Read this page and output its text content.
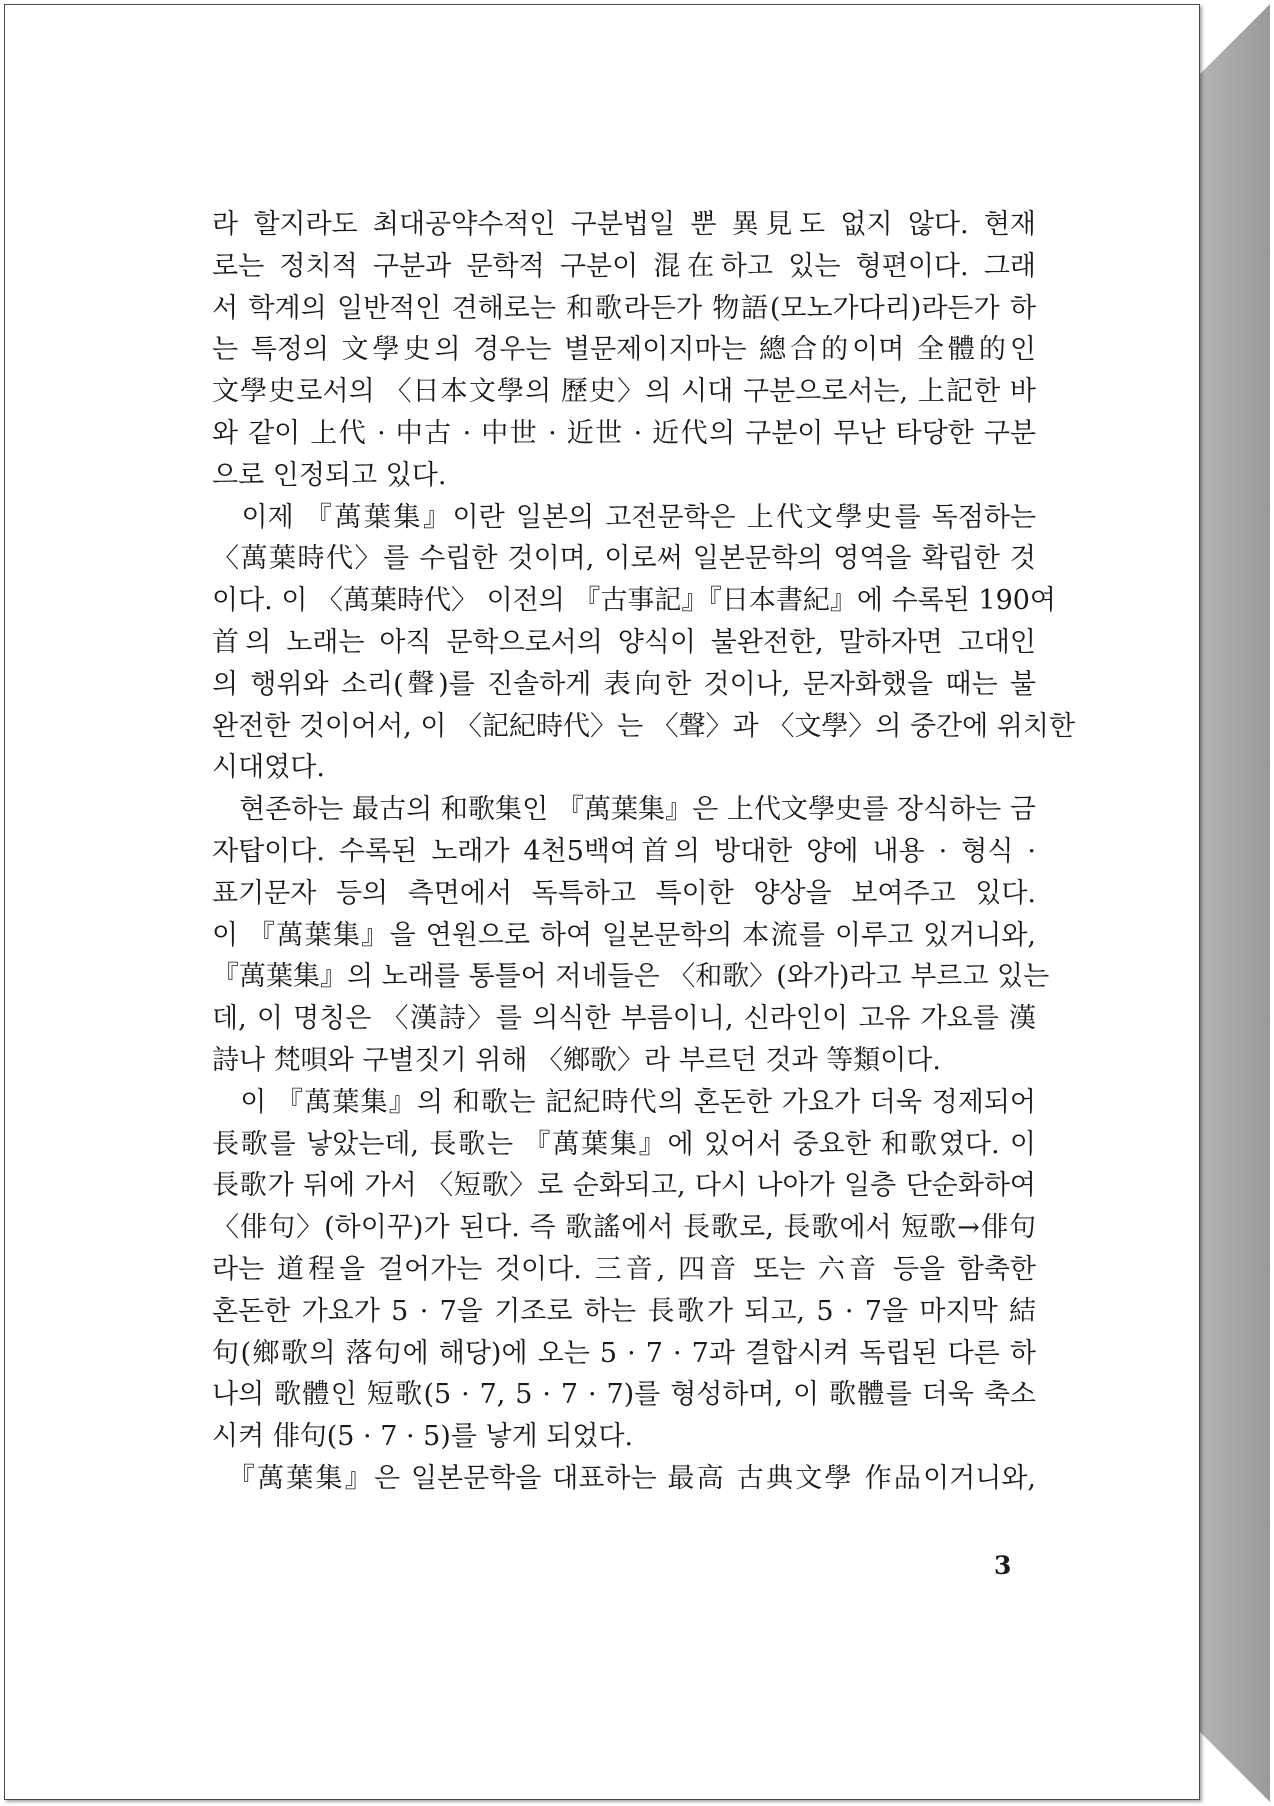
라 할지라도 최대공약수적인 구분법일 뿐 異見도 없지 않다. 현재
로는 정치적 구분과 문학적 구분이 混在하고 있는 형편이다. 그래
서 학계의 일반적인 견해로는 和歌라든가 物語(모노가다리)라든가 하
는 특정의 文學史의 경우는 별문제이지마는 總合的이며 全體的인
文學史로서의 〈日本文學의 歷史〉의 시대 구분으로서는, 上記한 바
와 같이 上代 · 中古 · 中世 · 近世 · 近代의 구분이 무난 타당한 구분
으로 인정되고 있다.
　이제 『萬葉集』이란 일본의 고전문학은 上代文學史를 독점하는
〈萬葉時代〉를 수립한 것이며, 이로써 일본문학의 영역을 확립한 것
이다. 이 〈萬葉時代〉 이전의 『古事記』『日本書紀』에 수록된 190여
首의 노래는 아직 문학으로서의 양식이 불완전한, 말하자면 고대인
의 행위와 소리(聲)를 진솔하게 表向한 것이나, 문자화했을 때는 불
완전한 것이어서, 이 〈記紀時代〉는 〈聲〉과 〈文學〉의 중간에 위치한
시대였다.
　현존하는 最古의 和歌集인 『萬葉集』은 上代文學史를 장식하는 금
자탑이다. 수록된 노래가 4천5백여首의 방대한 양에 내용 · 형식 ·
표기문자 등의 측면에서 독특하고 특이한 양상을 보여주고 있다.
이 『萬葉集』을 연원으로 하여 일본문학의 本流를 이루고 있거니와,
『萬葉集』의 노래를 통틀어 저네들은 〈和歌〉(와가)라고 부르고 있는
데, 이 명칭은 〈漢詩〉를 의식한 부름이니, 신라인이 고유 가요를 漢
詩나 梵唄와 구별짓기 위해 〈鄉歌〉라 부르던 것과 等類이다.
　이 『萬葉集』의 和歌는 記紀時代의 혼돈한 가요가 더욱 정제되어
長歌를 낳았는데, 長歌는 『萬葉集』에 있어서 중요한 和歌였다. 이
長歌가 뒤에 가서 〈短歌〉로 순화되고, 다시 나아가 일층 단순화하여
〈俳句〉(하이꾸)가 된다. 즉 歌謠에서 長歌로, 長歌에서 短歌→俳句
라는 道程을 걸어가는 것이다. 三音, 四音 또는 六音 등을 함축한
혼돈한 가요가 5 · 7을 기조로 하는 長歌가 되고, 5 · 7을 마지막 結
句(鄉歌의 落句에 해당)에 오는 5 · 7 · 7과 결합시켜 독립된 다른 하
나의 歌體인 短歌(5 · 7, 5 · 7 · 7)를 형성하며, 이 歌體를 더욱 축소
시켜 俳句(5 · 7 · 5)를 낳게 되었다.
　『萬葉集』은 일본문학을 대표하는 最高 古典文學 作品이거니와,
3
